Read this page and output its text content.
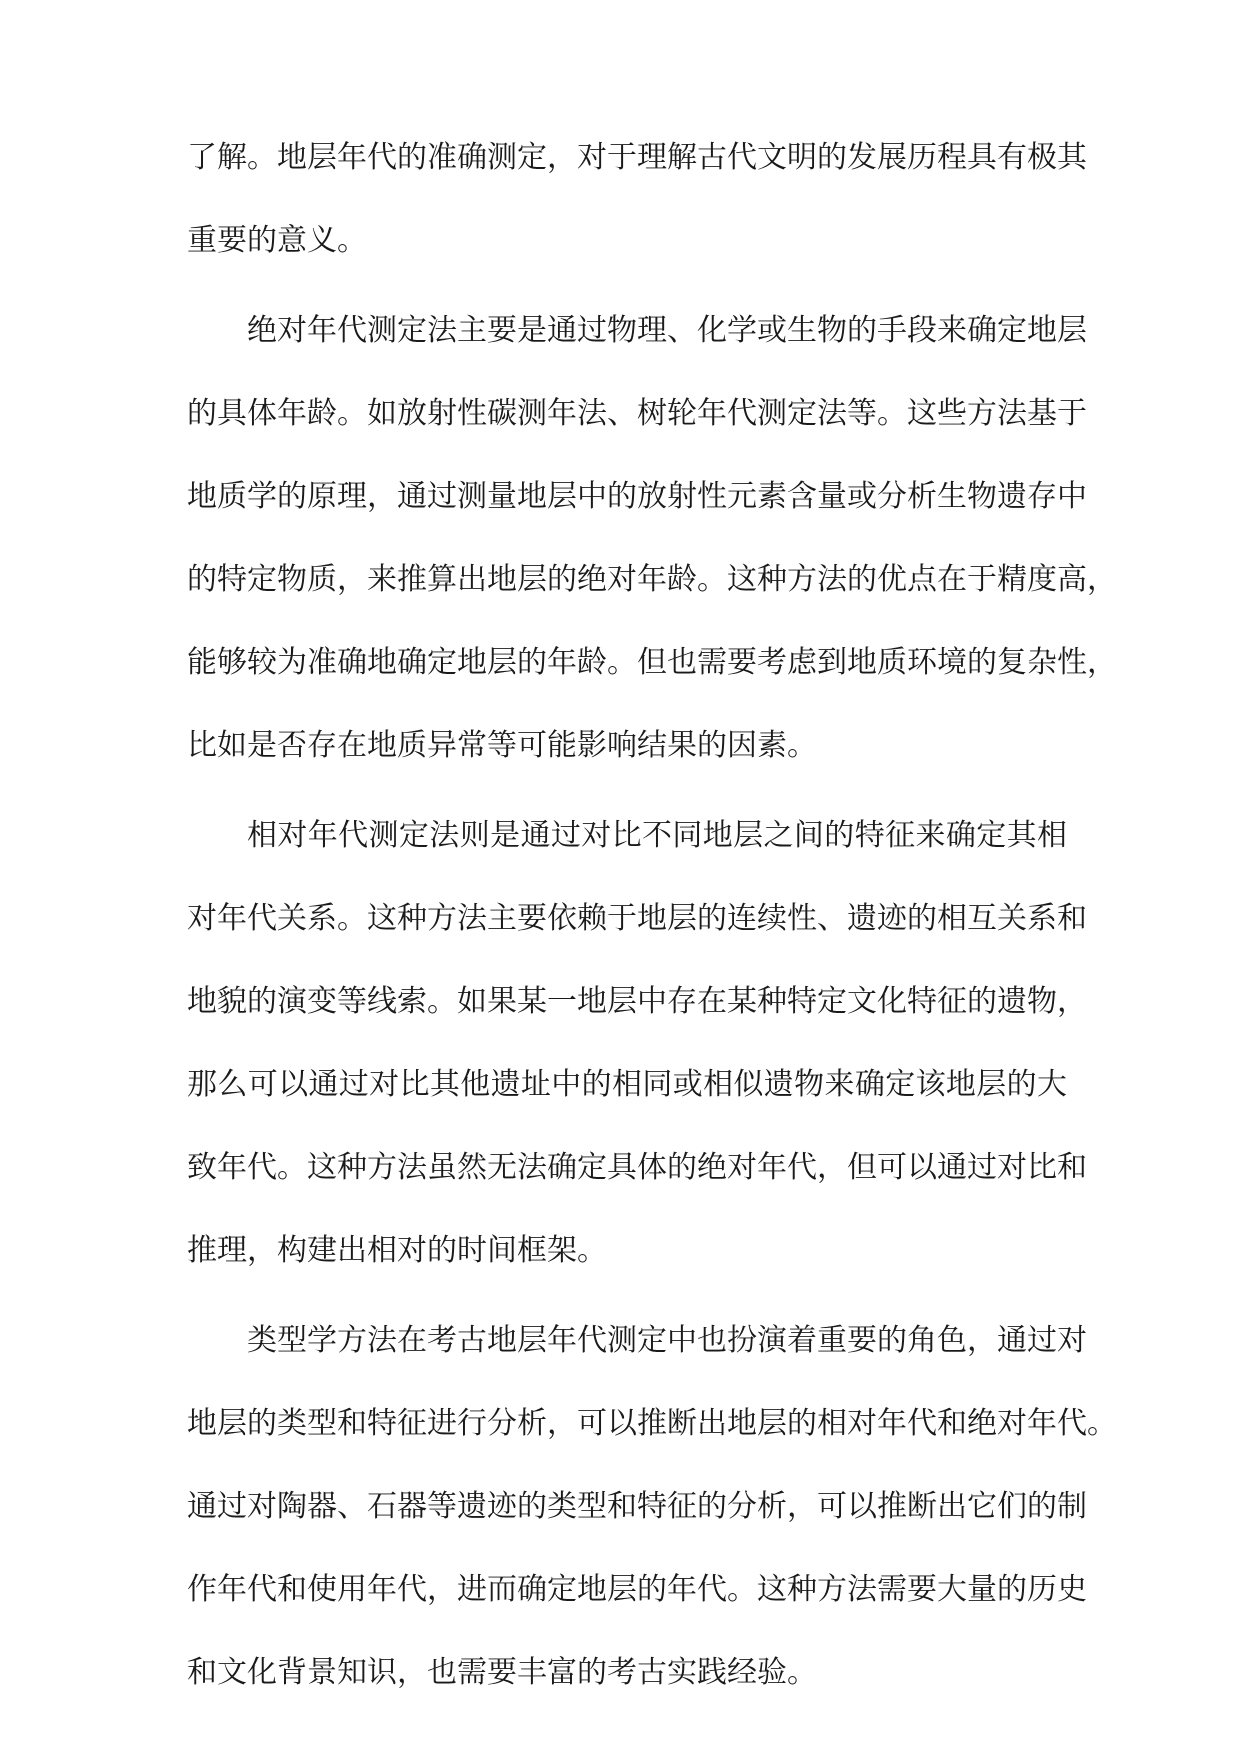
了解。地层年代的准确测定，对于理解古代文明的发展历程具有极其
重要的意义。
绝对年代测定法主要是通过物理、化学或生物的手段来确定地层
的具体年龄。如放射性碳测年法、树轮年代测定法等。这些方法基于
地质学的原理，通过测量地层中的放射性元素含量或分析生物遗存中
的特定物质，来推算出地层的绝对年龄。这种方法的优点在于精度高，
能够较为准确地确定地层的年龄。但也需要考虑到地质环境的复杂性，
比如是否存在地质异常等可能影响结果的因素。
相对年代测定法则是通过对比不同地层之间的特征来确定其相
对年代关系。这种方法主要依赖于地层的连续性、遗迹的相互关系和
地貌的演变等线索。如果某一地层中存在某种特定文化特征的遗物，
那么可以通过对比其他遗址中的相同或相似遗物来确定该地层的大
致年代。这种方法虽然无法确定具体的绝对年代，但可以通过对比和
推理，构建出相对的时间框架。
类型学方法在考古地层年代测定中也扮演着重要的角色，通过对
地层的类型和特征进行分析，可以推断出地层的相对年代和绝对年代。
通过对陶器、石器等遗迹的类型和特征的分析，可以推断出它们的制
作年代和使用年代，进而确定地层的年代。这种方法需要大量的历史
和文化背景知识，也需要丰富的考古实践经验。
